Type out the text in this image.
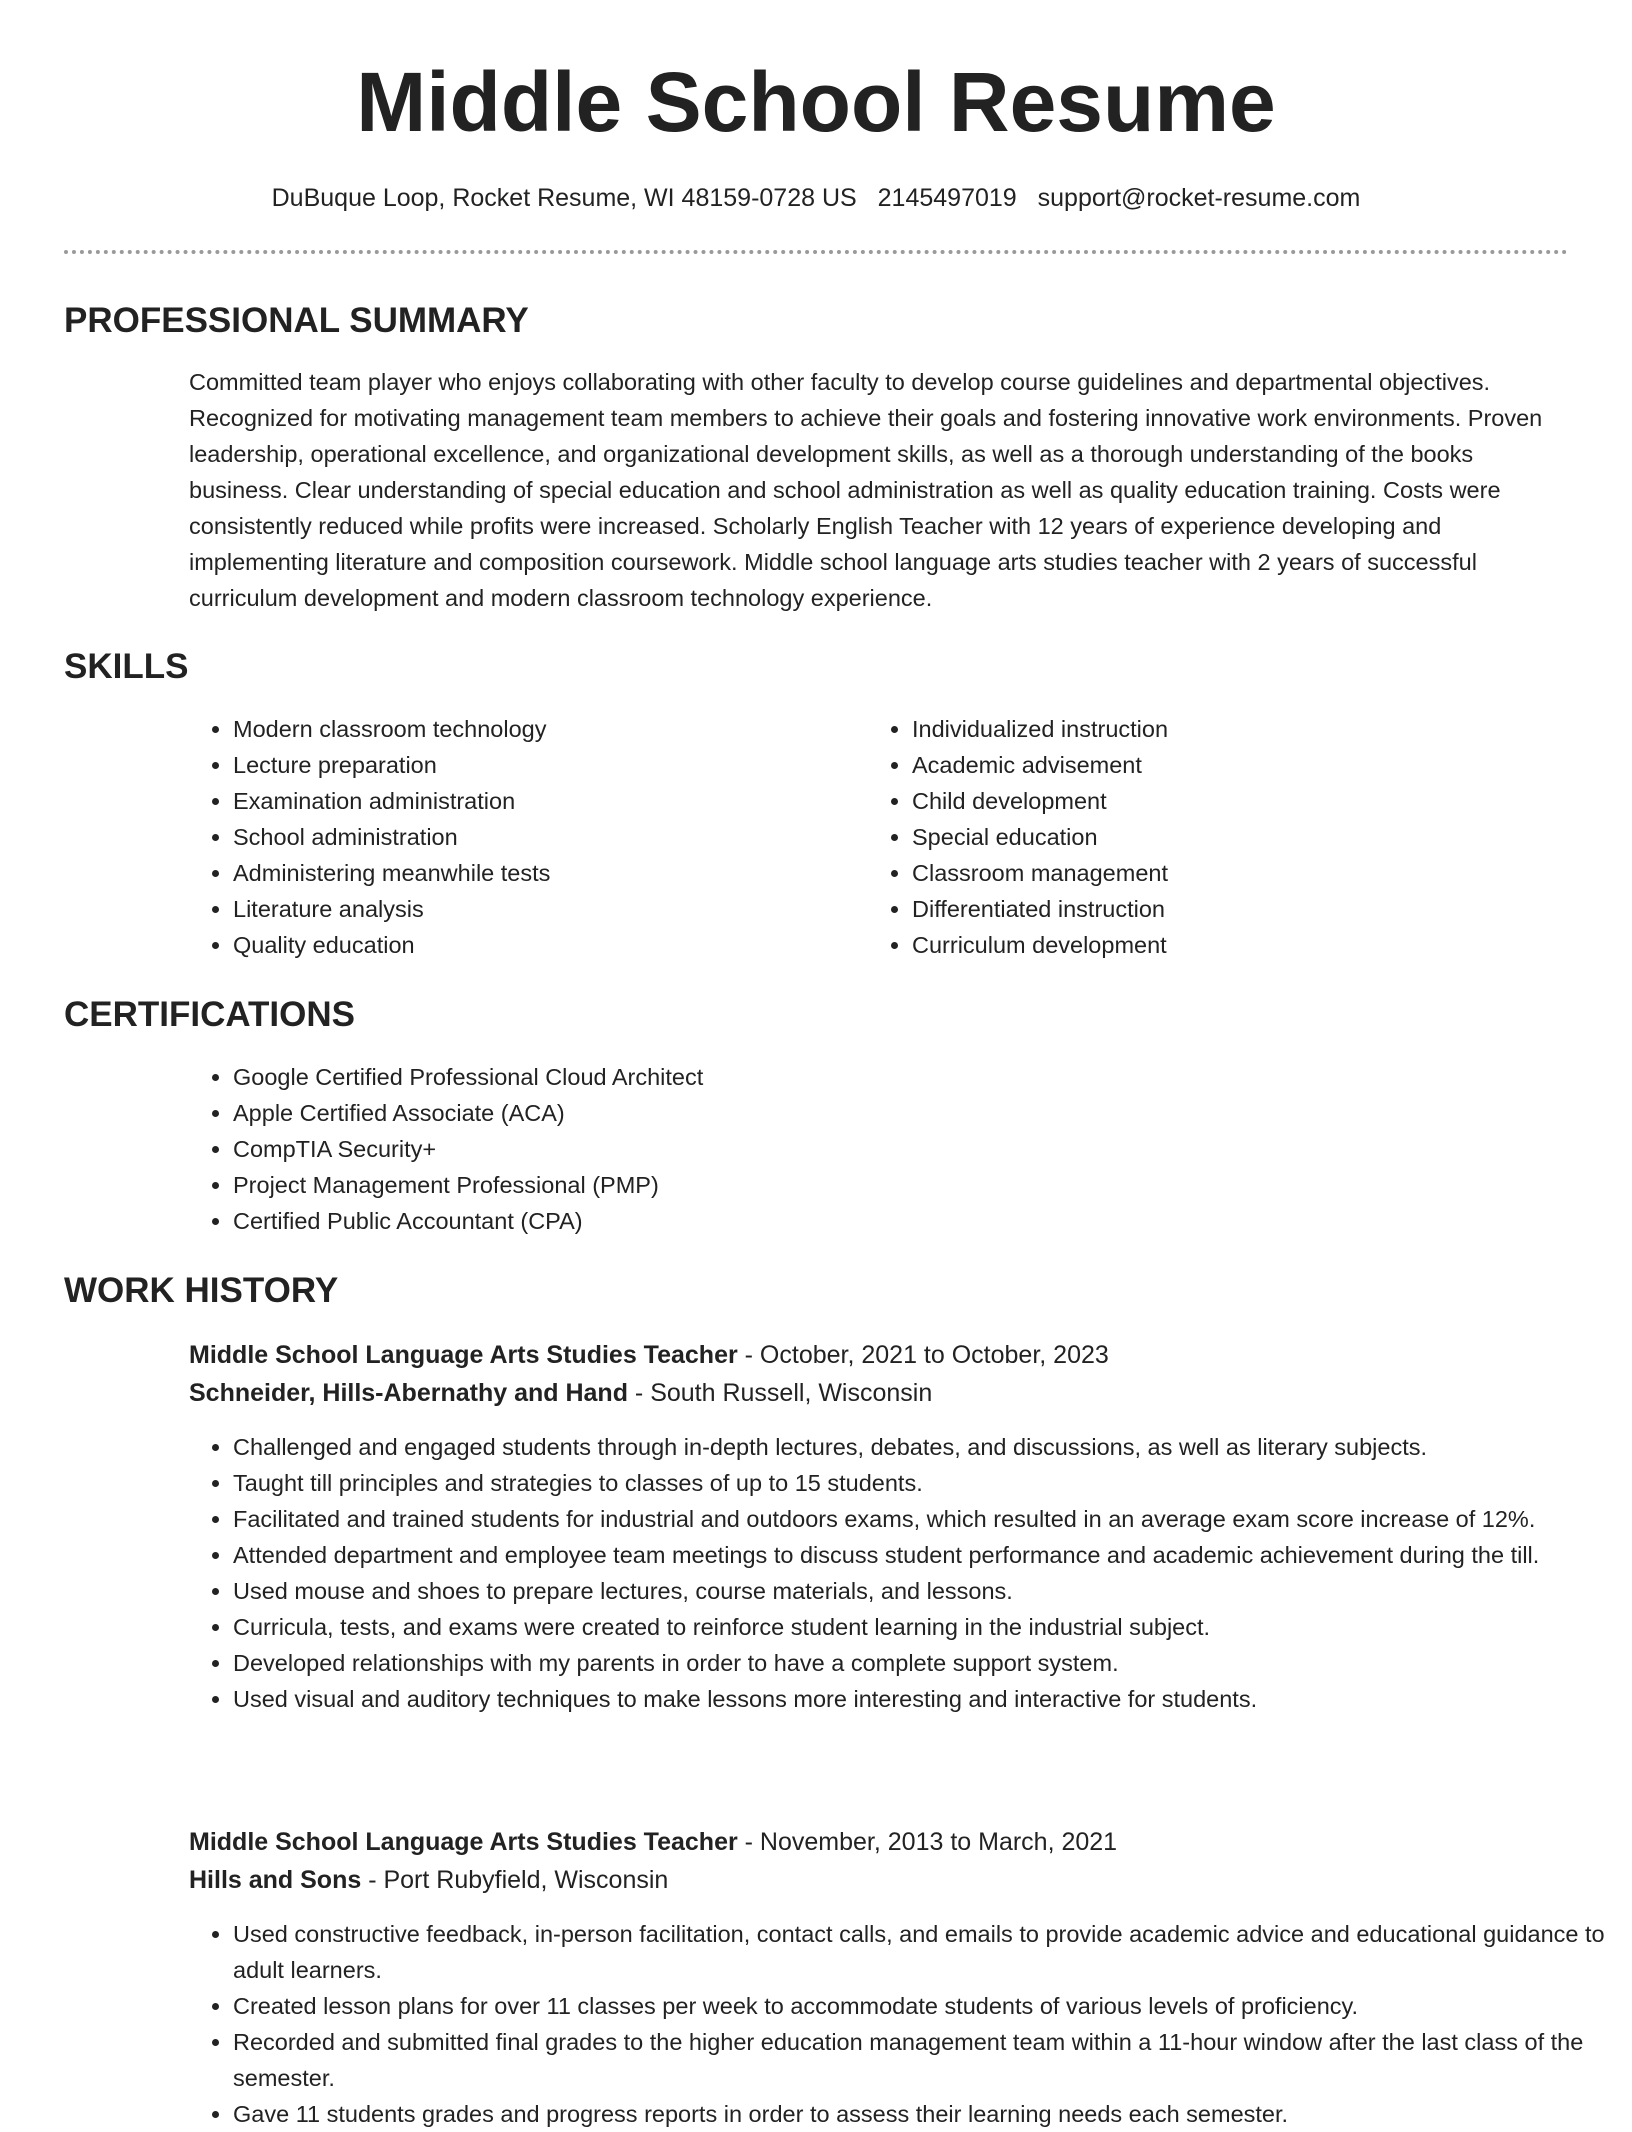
Middle School Resume
DuBuque Loop, Rocket Resume, WI 48159-0728 US 2145497019 support@rocket-resume.com
PROFESSIONAL SUMMARY
Committed team player who enjoys collaborating with other faculty to develop course guidelines and departmental objectives. Recognized for motivating management team members to achieve their goals and fostering innovative work environments. Proven leadership, operational excellence, and organizational development skills, as well as a thorough understanding of the books business. Clear understanding of special education and school administration as well as quality education training. Costs were consistently reduced while profits were increased. Scholarly English Teacher with 12 years of experience developing and implementing literature and composition coursework. Middle school language arts studies teacher with 2 years of successful curriculum development and modern classroom technology experience.
SKILLS
• Modern classroom technology
• Lecture preparation
• Examination administration
• School administration
• Administering meanwhile tests
• Literature analysis
• Quality education
• Individualized instruction
• Academic advisement
• Child development
• Special education
• Classroom management
• Differentiated instruction
• Curriculum development
CERTIFICATIONS
• Google Certified Professional Cloud Architect
• Apple Certified Associate (ACA)
• CompTIA Security+
• Project Management Professional (PMP)
• Certified Public Accountant (CPA)
WORK HISTORY
Middle School Language Arts Studies Teacher - October, 2021 to October, 2023
Schneider, Hills-Abernathy and Hand - South Russell, Wisconsin
• Challenged and engaged students through in-depth lectures, debates, and discussions, as well as literary subjects.
• Taught till principles and strategies to classes of up to 15 students.
• Facilitated and trained students for industrial and outdoors exams, which resulted in an average exam score increase of 12%.
• Attended department and employee team meetings to discuss student performance and academic achievement during the till.
• Used mouse and shoes to prepare lectures, course materials, and lessons.
• Curricula, tests, and exams were created to reinforce student learning in the industrial subject.
• Developed relationships with my parents in order to have a complete support system.
• Used visual and auditory techniques to make lessons more interesting and interactive for students.
Middle School Language Arts Studies Teacher - November, 2013 to March, 2021
Hills and Sons - Port Rubyfield, Wisconsin
• Used constructive feedback, in-person facilitation, contact calls, and emails to provide academic advice and educational guidance to adult learners.
• Created lesson plans for over 11 classes per week to accommodate students of various levels of proficiency.
• Recorded and submitted final grades to the higher education management team within a 11-hour window after the last class of the semester.
• Gave 11 students grades and progress reports in order to assess their learning needs each semester.
